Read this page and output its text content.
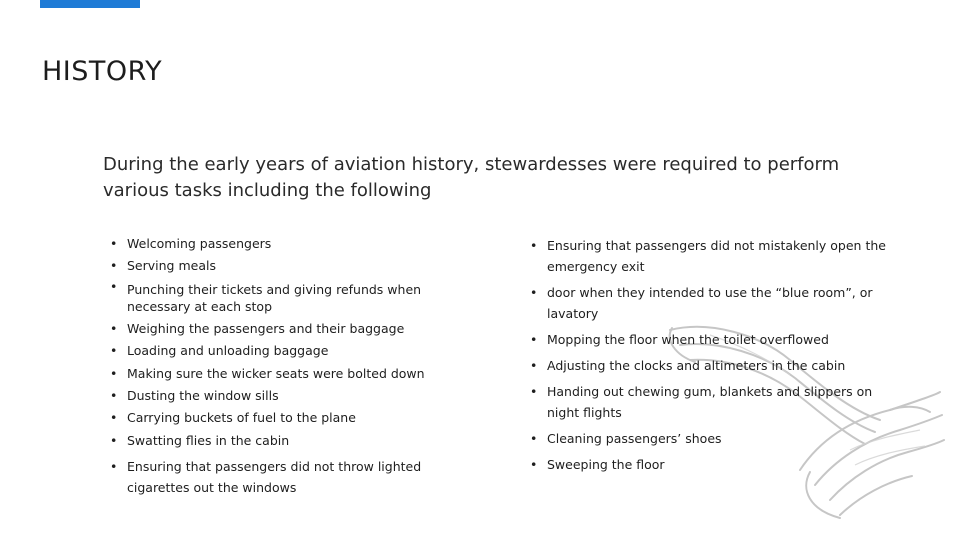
HISTORY

During the early years of aviation history, stewardesses were required to perform various tasks including the following

• Welcoming passengers
• Serving meals
• Punching their tickets and giving refunds when necessary at each stop
• Weighing the passengers and their baggage
• Loading and unloading baggage
• Making sure the wicker seats were bolted down
• Dusting the window sills
• Carrying buckets of fuel to the plane
• Swatting flies in the cabin
• Ensuring that passengers did not throw lighted cigarettes out the windows
• Ensuring that passengers did not mistakenly open the emergency exit
• door when they intended to use the “blue room”, or lavatory
• Mopping the floor when the toilet overflowed
• Adjusting the clocks and altimeters in the cabin
• Handing out chewing gum, blankets and slippers on night flights
• Cleaning passengers’ shoes
• Sweeping the floor
